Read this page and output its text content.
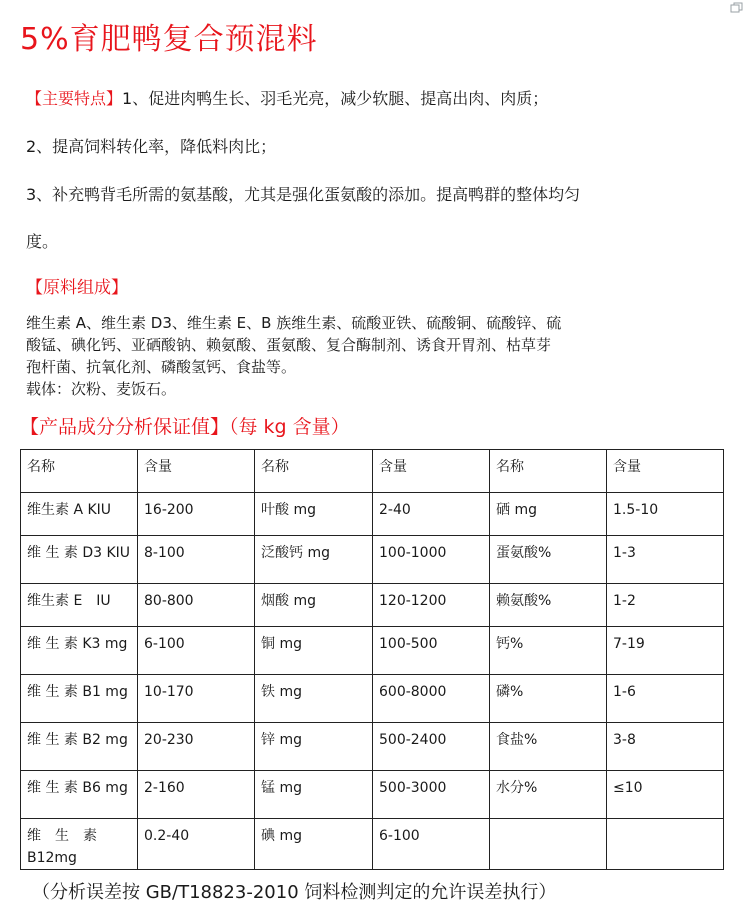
5%育肥鸭复合预混料
【主要特点】1、促进肉鸭生长、羽毛光亮，减少软腿、提高出肉、肉质；
2、提高饲料转化率，降低料肉比；
3、补充鸭背毛所需的氨基酸，尤其是强化蛋氨酸的添加。提高鸭群的整体均匀
度。
【原料组成】
维生素 A、维生素 D3、维生素 E、B 族维生素、硫酸亚铁、硫酸铜、硫酸锌、硫
酸锰、碘化钙、亚硒酸钠、赖氨酸、蛋氨酸、复合酶制剂、诱食开胃剂、枯草芽
孢杆菌、抗氧化剂、磷酸氢钙、食盐等。
载体：次粉、麦饭石。
【产品成分分析保证值】（每 kg 含量）
名称	含量	名称	含量	名称	含量
维生素 A KIU	16-200	叶酸 mg	2-40	硒 mg	1.5-10
维 生 素 D3 KIU	8-100	泛酸钙 mg	100-1000	蛋氨酸%	1-3
维生素 E　IU	80-800	烟酸 mg	120-1200	赖氨酸%	1-2
维 生 素 K3 mg	6-100	铜 mg	100-500	钙%	7-19
维 生 素 B1 mg	10-170	铁 mg	600-8000	磷%	1-6
维 生 素 B2 mg	20-230	锌 mg	500-2400	食盐%	3-8
维 生 素 B6 mg	2-160	锰 mg	500-3000	水分%	≤10
维　生　素 B12mg	0.2-40	碘 mg	6-100		
（分析误差按 GB/T18823-2010 饲料检测判定的允许误差执行）
